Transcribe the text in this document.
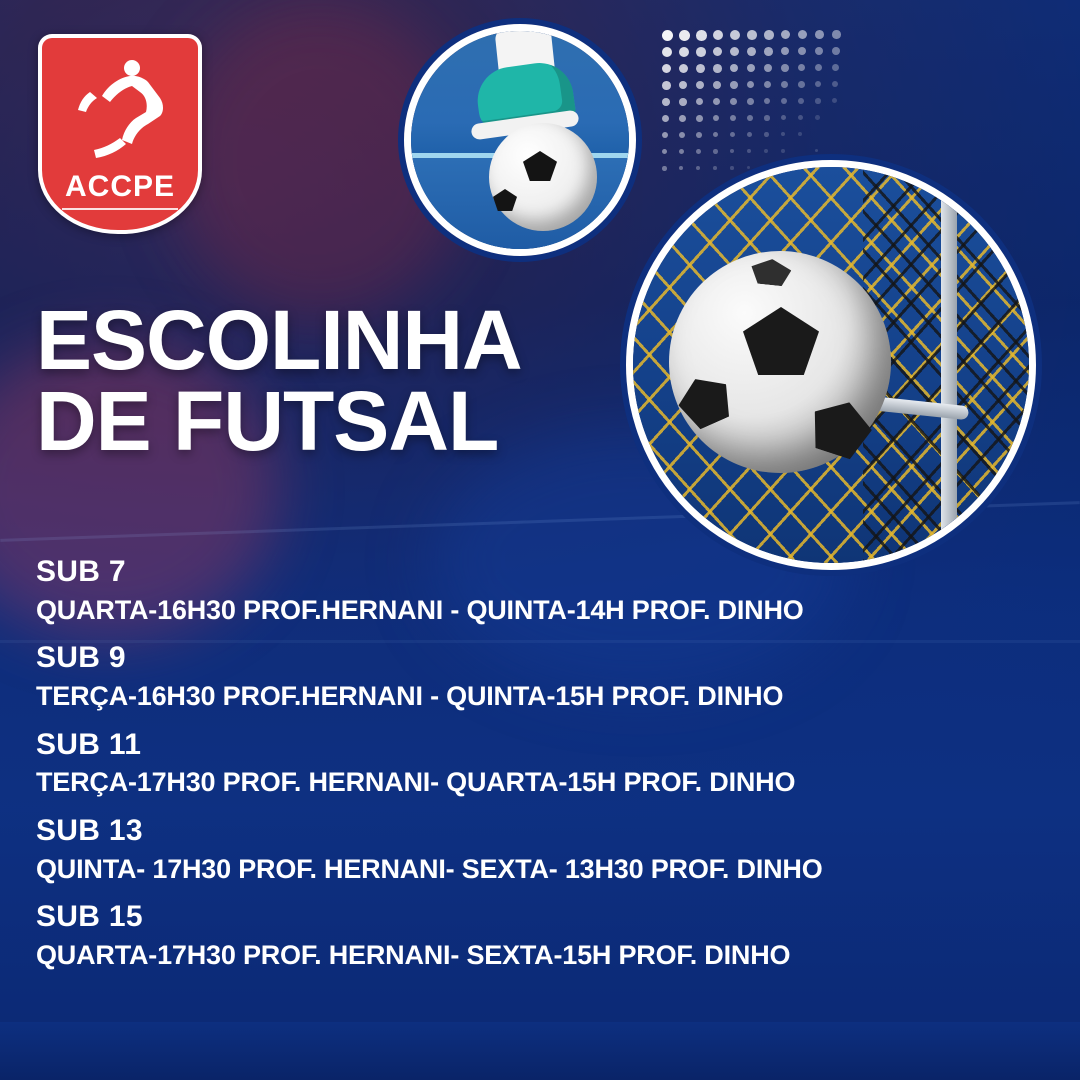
ACCPE
ESCOLINHA
DE FUTSAL
SUB 7
QUARTA-16H30 PROF.HERNANI - QUINTA-14H PROF. DINHO
SUB 9
TERÇA-16H30 PROF.HERNANI - QUINTA-15H PROF. DINHO
SUB 11
TERÇA-17H30 PROF. HERNANI- QUARTA-15H PROF. DINHO
SUB 13
QUINTA- 17H30 PROF. HERNANI- SEXTA- 13H30 PROF. DINHO
SUB 15
QUARTA-17H30 PROF. HERNANI- SEXTA-15H PROF. DINHO
